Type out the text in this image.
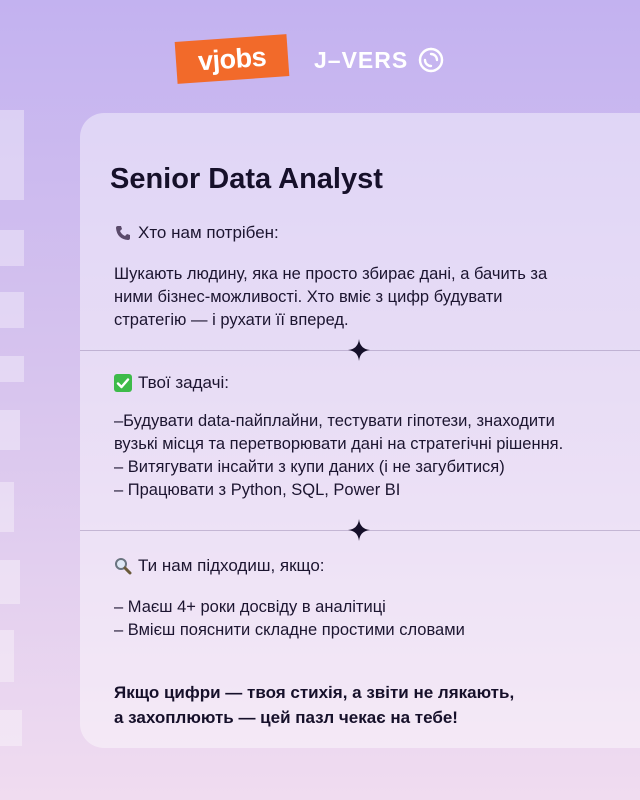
vjobs J–VERS
Senior Data Analyst
Хто нам потрібен:

Шукають людину, яка не просто збирає дані, а бачить за
ними бізнес-можливості. Хто вміє з цифр будувати
стратегію — і рухати її вперед.

Твої задачі:

–Будувати data-пайплайни, тестувати гіпотези, знаходити
вузькі місця та перетворювати дані на стратегічні рішення.
– Витягувати інсайти з купи даних (і не загубитися)
– Працювати з Python, SQL, Power BI

Ти нам підходиш, якщо:

– Маєш 4+ роки досвіду в аналітиці
– Вмієш пояснити складне простими словами

Якщо цифри — твоя стихія, а звіти не лякають,
а захоплюють — цей пазл чекає на тебе!
